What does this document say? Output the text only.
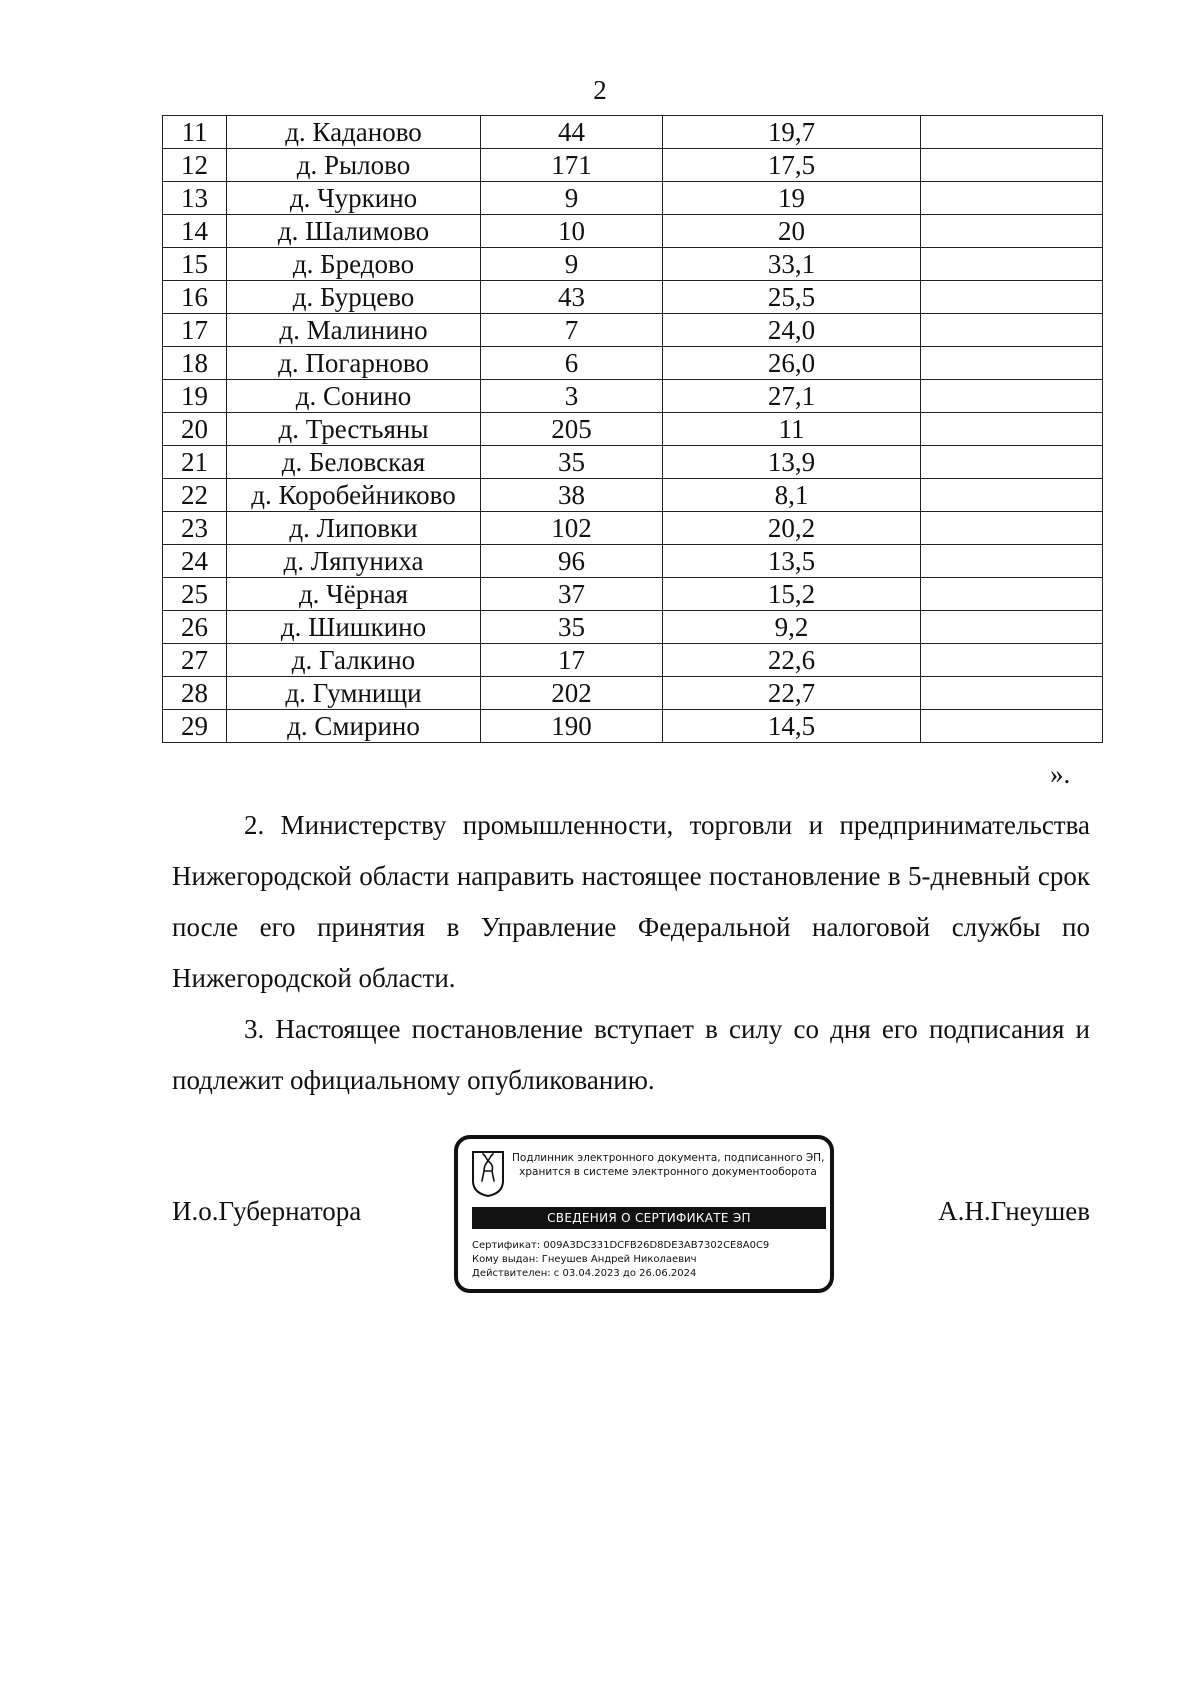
2
11	д. Каданово	44	19,7	
12	д. Рылово	171	17,5	
13	д. Чуркино	9	19	
14	д. Шалимово	10	20	
15	д. Бредово	9	33,1	
16	д. Бурцево	43	25,5	
17	д. Малинино	7	24,0	
18	д. Погарново	6	26,0	
19	д. Сонино	3	27,1	
20	д. Трестьяны	205	11	
21	д. Беловская	35	13,9	
22	д. Коробейниково	38	8,1	
23	д. Липовки	102	20,2	
24	д. Ляпуниха	96	13,5	
25	д. Чёрная	37	15,2	
26	д. Шишкино	35	9,2	
27	д. Галкино	17	22,6	
28	д. Гумнищи	202	22,7	
29	д. Смирино	190	14,5	
».

2. Министерству промышленности, торговли и предпринимательства Нижегородской области направить настоящее постановление в 5-дневный срок после его принятия в Управление Федеральной налоговой службы по Нижегородской области.

3. Настоящее постановление вступает в силу со дня его подписания и подлежит официальному опубликованию.

И.о.Губернатора
Подлинник электронного документа, подписанного ЭП,
хранится в системе электронного документооборота
СВЕДЕНИЯ О СЕРТИФИКАТЕ ЭП
Сертификат: 009A3DC331DCFB26D8DE3AB7302CE8A0C9
Кому выдан: Гнеушев Андрей Николаевич
Действителен: с 03.04.2023 до 26.06.2024
А.Н.Гнеушев
